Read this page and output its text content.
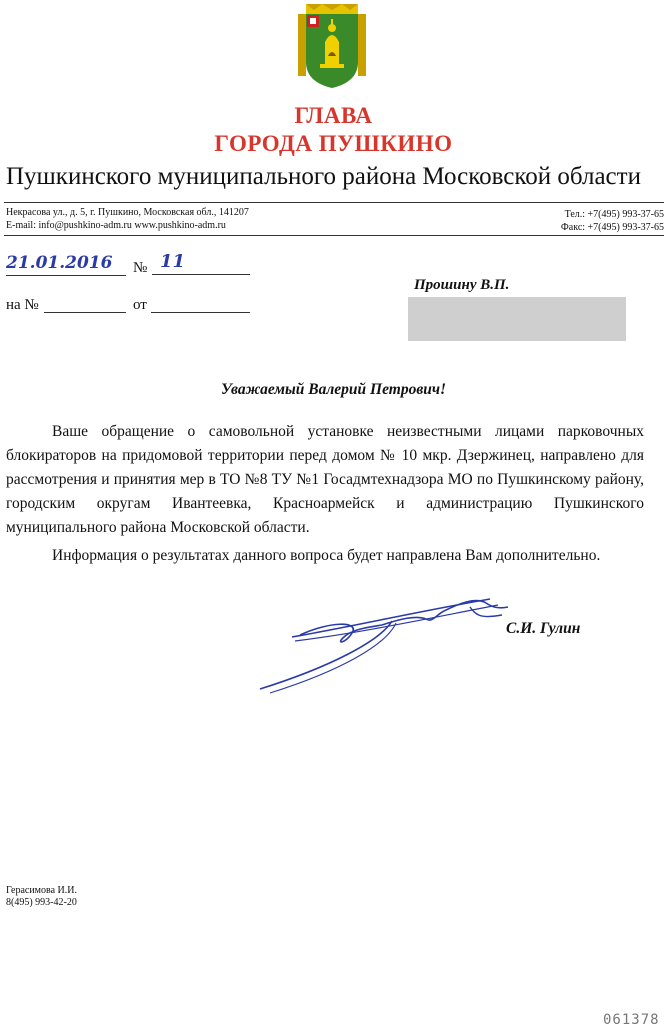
ГЛАВА
ГОРОДА ПУШКИНО
Пушкинского муниципального района Московской области
Некрасова ул., д. 5, г. Пушкино, Московская обл., 141207
E-mail: info@pushkino-adm.ru www.pushkino-adm.ru
Тел.: +7(495) 993-37-65
Факс: +7(495) 993-37-65
21.01.2016 № 11
на №	от
Прошину В.П.
Уважаемый Валерий Петрович!

Ваше обращение о самовольной установке неизвестными лицами парковочных блокираторов на придомовой территории перед домом № 10 мкр. Дзержинец, направлено для рассмотрения и принятия мер в ТО №8 ТУ №1 Госадмтехнадзора МО по Пушкинскому району, городским округам Ивантеевка, Красноармейск и администрацию Пушкинского муниципального района Московской области.

Информация о результатах данного вопроса будет направлена Вам дополнительно.

С.И. Гулин
Герасимова И.И.
8(495) 993-42-20
061378
